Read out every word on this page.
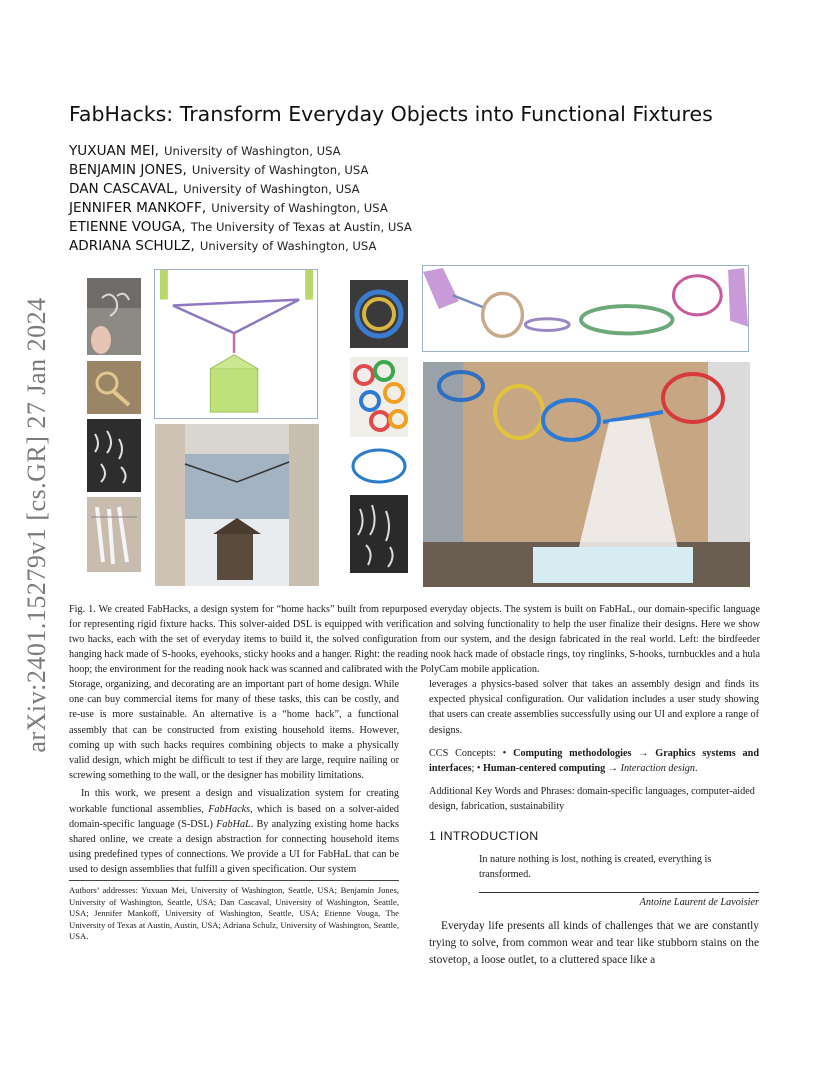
arXiv:2401.15279v1 [cs.GR] 27 Jan 2024
FabHacks: Transform Everyday Objects into Functional Fixtures
YUXUAN MEI, University of Washington, USA
BENJAMIN JONES, University of Washington, USA
DAN CASCAVAL, University of Washington, USA
JENNIFER MANKOFF, University of Washington, USA
ETIENNE VOUGA, The University of Texas at Austin, USA
ADRIANA SCHULZ, University of Washington, USA
Fig. 1. We created FabHacks, a design system for “home hacks” built from repurposed everyday objects. The system is built on FabHaL, our domain-specific language for representing rigid fixture hacks. This solver-aided DSL is equipped with verification and solving functionality to help the user finalize their designs. Here we show two hacks, each with the set of everyday items to build it, the solved configuration from our system, and the design fabricated in the real world. Left: the birdfeeder hanging hack made of S-hooks, eyehooks, sticky hooks and a hanger. Right: the reading nook hack made of obstacle rings, toy ringlinks, S-hooks, turnbuckles and a hula hoop; the environment for the reading nook hack was scanned and calibrated with the PolyCam mobile application.

Storage, organizing, and decorating are an important part of home design. While one can buy commercial items for many of these tasks, this can be costly, and re-use is more sustainable. An alternative is a “home hack”, a functional assembly that can be constructed from existing household items. However, coming up with such hacks requires combining objects to make a physically valid design, which might be difficult to test if they are large, require nailing or screwing something to the wall, or the designer has mobility limitations.

In this work, we present a design and visualization system for creating workable functional assemblies, FabHacks, which is based on a solver-aided domain-specific language (S-DSL) FabHaL. By analyzing existing home hacks shared online, we create a design abstraction for connecting household items using predefined types of connections. We provide a UI for FabHaL that can be used to design assemblies that fulfill a given specification. Our system

leverages a physics-based solver that takes an assembly design and finds its expected physical configuration. Our validation includes a user study showing that users can create assemblies successfully using our UI and explore a range of designs.

CCS Concepts: • Computing methodologies → Graphics systems and interfaces; • Human-centered computing → Interaction design.

Additional Key Words and Phrases: domain-specific languages, computer-aided design, fabrication, sustainability

1 INTRODUCTION
In nature nothing is lost, nothing is created, everything is transformed.
Antoine Laurent de Lavoisier

Everyday life presents all kinds of challenges that we are constantly trying to solve, from common wear and tear like stubborn stains on the stovetop, a loose outlet, to a cluttered space like a

Authors’ addresses: Yuxuan Mei, University of Washington, Seattle, USA; Benjamin Jones, University of Washington, Seattle, USA; Dan Cascaval, University of Washington, Seattle, USA; Jennifer Mankoff, University of Washington, Seattle, USA; Etienne Vouga, The University of Texas at Austin, Austin, USA; Adriana Schulz, University of Washington, Seattle, USA.
